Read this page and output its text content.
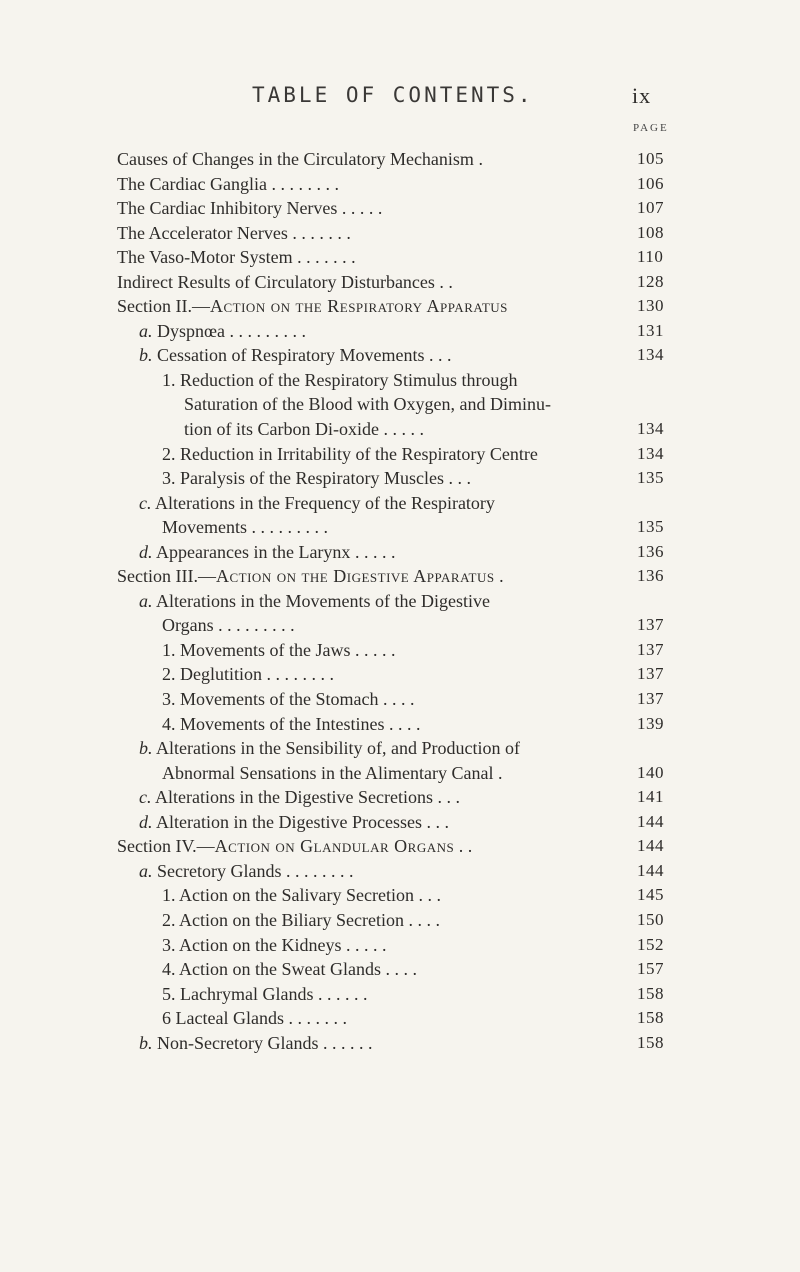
TABLE OF CONTENTS.	ix
PAGE
Causes of Changes in the Circulatory Mechanism .	105
The Cardiac Ganglia . . . . . . . .	106
The Cardiac Inhibitory Nerves . . . . .	107
The Accelerator Nerves . . . . . . .	108
The Vaso-Motor System . . . . . . .	110
Indirect Results of Circulatory Disturbances . .	128
Section II.—Action on the Respiratory Apparatus	130
a. Dyspnœa . . . . . . . . .	131
b. Cessation of Respiratory Movements . . .	134
1. Reduction of the Respiratory Stimulus through
Saturation of the Blood with Oxygen, and Diminu-
tion of its Carbon Di-oxide . . . . .	134
2. Reduction in Irritability of the Respiratory Centre	134
3. Paralysis of the Respiratory Muscles . . .	135
c. Alterations in the Frequency of the Respiratory
Movements . . . . . . . . .	135
d. Appearances in the Larynx . . . . .	136
Section III.—Action on the Digestive Apparatus .	136
a. Alterations in the Movements of the Digestive
Organs . . . . . . . . .	137
1. Movements of the Jaws . . . . .	137
2. Deglutition . . . . . . . .	137
3. Movements of the Stomach . . . .	137
4. Movements of the Intestines . . . .	139
b. Alterations in the Sensibility of, and Production of
Abnormal Sensations in the Alimentary Canal .	140
c. Alterations in the Digestive Secretions . . .	141
d. Alteration in the Digestive Processes . . .	144
Section IV.—Action on Glandular Organs . .	144
a. Secretory Glands . . . . . . . .	144
1. Action on the Salivary Secretion . . .	145
2. Action on the Biliary Secretion . . . .	150
3. Action on the Kidneys . . . . .	152
4. Action on the Sweat Glands . . . .	157
5. Lachrymal Glands . . . . . .	158
6 Lacteal Glands . . . . . . .	158
b. Non-Secretory Glands . . . . . .	158
